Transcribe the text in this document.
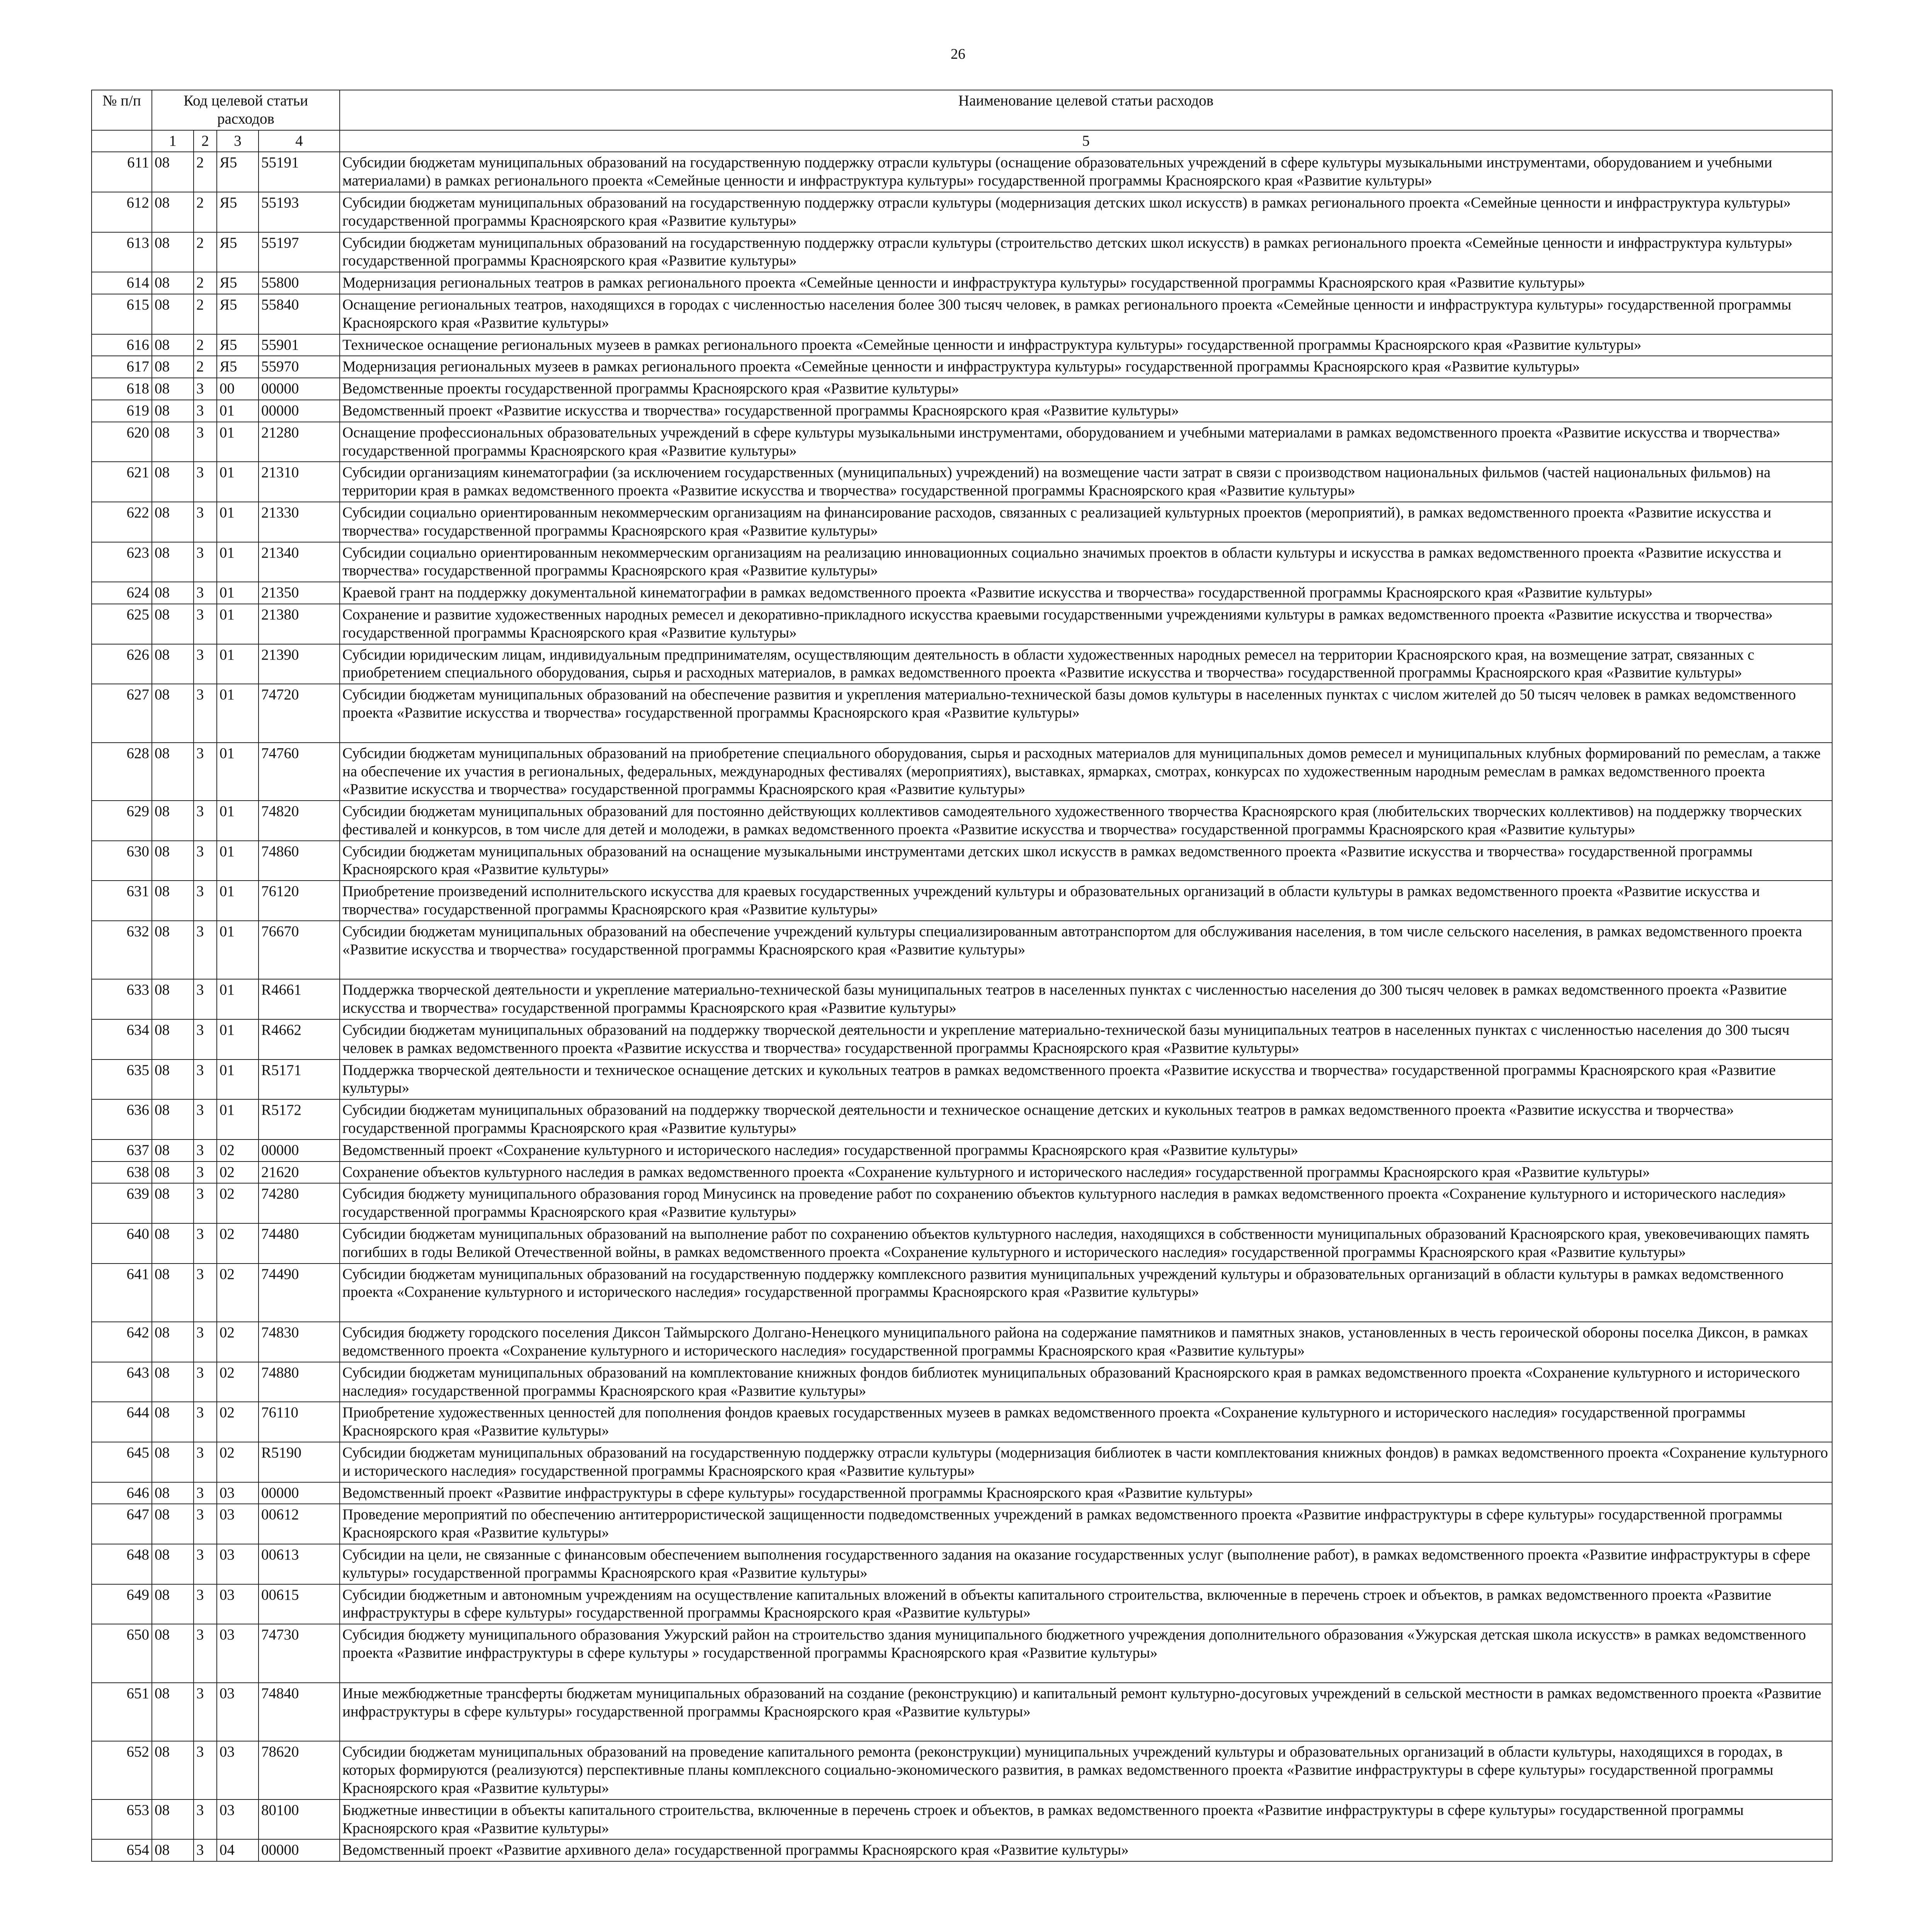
26
№ п/п	Код целевой статьи расходов				Наименование целевой статьи расходов

	1	2	3	4	5
611	08	2	Я5	55191	Субсидии бюджетам муниципальных образований на государственную поддержку отрасли культуры (оснащение образовательных учреждений в сфере культуры музыкальными инструментами, оборудованием и учебными материалами) в рамках регионального проекта «Семейные ценности и инфраструктура культуры» государственной программы Красноярского края «Развитие культуры»
612	08	2	Я5	55193	Субсидии бюджетам муниципальных образований на государственную поддержку отрасли культуры (модернизация детских школ искусств) в рамках регионального проекта «Семейные ценности и инфраструктура культуры» государственной программы Красноярского края «Развитие культуры»
613	08	2	Я5	55197	Субсидии бюджетам муниципальных образований на государственную поддержку отрасли культуры (строительство детских школ искусств) в рамках регионального проекта «Семейные ценности и инфраструктура культуры» государственной программы Красноярского края «Развитие культуры»
614	08	2	Я5	55800	Модернизация региональных театров в рамках регионального проекта «Семейные ценности и инфраструктура культуры» государственной программы Красноярского края «Развитие культуры»
615	08	2	Я5	55840	Оснащение региональных театров, находящихся в городах с численностью населения более 300 тысяч человек, в рамках регионального проекта «Семейные ценности и инфраструктура культуры» государственной программы Красноярского края «Развитие культуры»
616	08	2	Я5	55901	Техническое оснащение региональных музеев в рамках регионального проекта «Семейные ценности и инфраструктура культуры» государственной программы Красноярского края «Развитие культуры»
617	08	2	Я5	55970	Модернизация региональных музеев в рамках регионального проекта «Семейные ценности и инфраструктура культуры» государственной программы Красноярского края «Развитие культуры»
618	08	3	00	00000	Ведомственные проекты государственной программы Красноярского края «Развитие культуры»
619	08	3	01	00000	Ведомственный проект «Развитие искусства и творчества» государственной программы Красноярского края «Развитие культуры»
620	08	3	01	21280	Оснащение профессиональных образовательных учреждений в сфере культуры музыкальными инструментами, оборудованием и учебными материалами в рамках ведомственного проекта «Развитие искусства и творчества» государственной программы Красноярского края «Развитие культуры»
621	08	3	01	21310	Субсидии организациям кинематографии (за исключением государственных (муниципальных) учреждений) на возмещение части затрат в связи с производством национальных фильмов (частей национальных фильмов) на территории края в рамках ведомственного проекта «Развитие искусства и творчества» государственной программы Красноярского края «Развитие культуры»
622	08	3	01	21330	Субсидии социально ориентированным некоммерческим организациям на финансирование расходов, связанных с реализацией культурных проектов (мероприятий), в рамках ведомственного проекта «Развитие искусства и творчества» государственной программы Красноярского края «Развитие культуры»
623	08	3	01	21340	Субсидии социально ориентированным некоммерческим организациям на реализацию инновационных социально значимых проектов в области культуры и искусства в рамках ведомственного проекта «Развитие искусства и творчества» государственной программы Красноярского края «Развитие культуры»
624	08	3	01	21350	Краевой грант на поддержку документальной кинематографии в рамках ведомственного проекта «Развитие искусства и творчества» государственной программы Красноярского края «Развитие культуры»
625	08	3	01	21380	Сохранение и развитие художественных народных ремесел и декоративно-прикладного искусства краевыми государственными учреждениями культуры в рамках ведомственного проекта «Развитие искусства и творчества» государственной программы Красноярского края «Развитие культуры»
626	08	3	01	21390	Субсидии юридическим лицам, индивидуальным предпринимателям, осуществляющим деятельность в области художественных народных ремесел на территории Красноярского края, на возмещение затрат, связанных с приобретением специального оборудования, сырья и расходных материалов, в рамках ведомственного проекта «Развитие искусства и творчества» государственной программы Красноярского края «Развитие культуры»
627	08	3	01	74720	Субсидии бюджетам муниципальных образований на обеспечение развития и укрепления материально-технической базы домов культуры в населенных пунктах с числом жителей до 50 тысяч человек в рамках ведомственного проекта «Развитие искусства и творчества» государственной программы Красноярского края «Развитие культуры»
628	08	3	01	74760	Субсидии бюджетам муниципальных образований на приобретение специального оборудования, сырья и расходных материалов для муниципальных домов ремесел и муниципальных клубных формирований по ремеслам, а также на обеспечение их участия в региональных, федеральных, международных фестивалях (мероприятиях), выставках, ярмарках, смотрах, конкурсах по художественным народным ремеслам в рамках ведомственного проекта «Развитие искусства и творчества» государственной программы Красноярского края «Развитие культуры»
629	08	3	01	74820	Субсидии бюджетам муниципальных образований для постоянно действующих коллективов самодеятельного художественного творчества Красноярского края (любительских творческих коллективов) на поддержку творческих фестивалей и конкурсов, в том числе для детей и молодежи, в рамках ведомственного проекта «Развитие искусства и творчества» государственной программы Красноярского края «Развитие культуры»
630	08	3	01	74860	Субсидии бюджетам муниципальных образований на оснащение музыкальными инструментами детских школ искусств в рамках ведомственного проекта «Развитие искусства и творчества» государственной программы Красноярского края «Развитие культуры»
631	08	3	01	76120	Приобретение произведений исполнительского искусства для краевых государственных учреждений культуры и образовательных организаций в области культуры в рамках ведомственного проекта «Развитие искусства и творчества» государственной программы Красноярского края «Развитие культуры»
632	08	3	01	76670	Субсидии бюджетам муниципальных образований на обеспечение учреждений культуры специализированным автотранспортом для обслуживания населения, в том числе сельского населения, в рамках ведомственного проекта «Развитие искусства и творчества» государственной программы Красноярского края «Развитие культуры»
633	08	3	01	R4661	Поддержка творческой деятельности и укрепление материально-технической базы муниципальных театров в населенных пунктах с численностью населения до 300 тысяч человек в рамках ведомственного проекта «Развитие искусства и творчества» государственной программы Красноярского края «Развитие культуры»
634	08	3	01	R4662	Субсидии бюджетам муниципальных образований на поддержку творческой деятельности и укрепление материально-технической базы муниципальных театров в населенных пунктах с численностью населения до 300 тысяч человек в рамках ведомственного проекта «Развитие искусства и творчества» государственной программы Красноярского края «Развитие культуры»
635	08	3	01	R5171	Поддержка творческой деятельности и техническое оснащение детских и кукольных театров в рамках ведомственного проекта «Развитие искусства и творчества» государственной программы Красноярского края «Развитие культуры»
636	08	3	01	R5172	Субсидии бюджетам муниципальных образований на поддержку творческой деятельности и техническое оснащение детских и кукольных театров в рамках ведомственного проекта «Развитие искусства и творчества» государственной программы Красноярского края «Развитие культуры»
637	08	3	02	00000	Ведомственный проект «Сохранение культурного и исторического наследия» государственной программы Красноярского края «Развитие культуры»
638	08	3	02	21620	Сохранение объектов культурного наследия в рамках ведомственного проекта «Сохранение культурного и исторического наследия» государственной программы Красноярского края «Развитие культуры»
639	08	3	02	74280	Субсидия бюджету муниципального образования город Минусинск на проведение работ по сохранению объектов культурного наследия в рамках ведомственного проекта «Сохранение культурного и исторического наследия» государственной программы Красноярского края «Развитие культуры»
640	08	3	02	74480	Субсидии бюджетам муниципальных образований на выполнение работ по сохранению объектов культурного наследия, находящихся в собственности муниципальных образований Красноярского края, увековечивающих память погибших в годы Великой Отечественной войны, в рамках ведомственного проекта «Сохранение культурного и исторического наследия» государственной программы Красноярского края «Развитие культуры»
641	08	3	02	74490	Субсидии бюджетам муниципальных образований на государственную поддержку комплексного развития муниципальных учреждений культуры и образовательных организаций в области культуры в рамках ведомственного проекта «Сохранение культурного и исторического наследия» государственной программы Красноярского края «Развитие культуры»
642	08	3	02	74830	Субсидия бюджету городского поселения Диксон Таймырского Долгано-Ненецкого муниципального района на содержание памятников и памятных знаков, установленных в честь героической обороны поселка Диксон, в рамках ведомственного проекта «Сохранение культурного и исторического наследия» государственной программы Красноярского края «Развитие культуры»
643	08	3	02	74880	Субсидии бюджетам муниципальных образований на комплектование книжных фондов библиотек муниципальных образований Красноярского края в рамках ведомственного проекта «Сохранение культурного и исторического наследия» государственной программы Красноярского края «Развитие культуры»
644	08	3	02	76110	Приобретение художественных ценностей для пополнения фондов краевых государственных музеев в рамках ведомственного проекта «Сохранение культурного и исторического наследия» государственной программы Красноярского края «Развитие культуры»
645	08	3	02	R5190	Субсидии бюджетам муниципальных образований на государственную поддержку отрасли культуры (модернизация библиотек в части комплектования книжных фондов) в рамках ведомственного проекта «Сохранение культурного и исторического наследия» государственной программы Красноярского края «Развитие культуры»
646	08	3	03	00000	Ведомственный проект «Развитие инфраструктуры в сфере культуры» государственной программы Красноярского края «Развитие культуры»
647	08	3	03	00612	Проведение мероприятий по обеспечению антитеррористической защищенности подведомственных учреждений в рамках ведомственного проекта «Развитие инфраструктуры в сфере культуры» государственной программы Красноярского края «Развитие культуры»
648	08	3	03	00613	Субсидии на цели, не связанные с финансовым обеспечением выполнения государственного задания на оказание государственных услуг (выполнение работ), в рамках ведомственного проекта «Развитие инфраструктуры в сфере культуры» государственной программы Красноярского края «Развитие культуры»
649	08	3	03	00615	Субсидии бюджетным и автономным учреждениям на осуществление капитальных вложений в объекты капитального строительства, включенные в перечень строек и объектов, в рамках ведомственного проекта «Развитие инфраструктуры в сфере культуры» государственной программы Красноярского края «Развитие культуры»
650	08	3	03	74730	Субсидия бюджету муниципального образования Ужурский район на строительство здания муниципального бюджетного учреждения дополнительного образования «Ужурская детская школа искусств» в рамках ведомственного проекта «Развитие инфраструктуры в сфере культуры » государственной программы Красноярского края «Развитие культуры»
651	08	3	03	74840	Иные межбюджетные трансферты бюджетам муниципальных образований на создание (реконструкцию) и капитальный ремонт культурно-досуговых учреждений в сельской местности в рамках ведомственного проекта «Развитие инфраструктуры в сфере культуры» государственной программы Красноярского края «Развитие культуры»
652	08	3	03	78620	Субсидии бюджетам муниципальных образований на проведение капитального ремонта (реконструкции) муниципальных учреждений культуры и образовательных организаций в области культуры, находящихся в городах, в которых формируются (реализуются) перспективные планы комплексного социально-экономического развития, в рамках ведомственного проекта «Развитие инфраструктуры в сфере культуры» государственной программы Красноярского края «Развитие культуры»
653	08	3	03	80100	Бюджетные инвестиции в объекты капитального строительства, включенные в перечень строек и объектов, в рамках ведомственного проекта «Развитие инфраструктуры в сфере культуры» государственной программы Красноярского края «Развитие культуры»
654	08	3	04	00000	Ведомственный проект «Развитие архивного дела» государственной программы Красноярского края «Развитие культуры»
